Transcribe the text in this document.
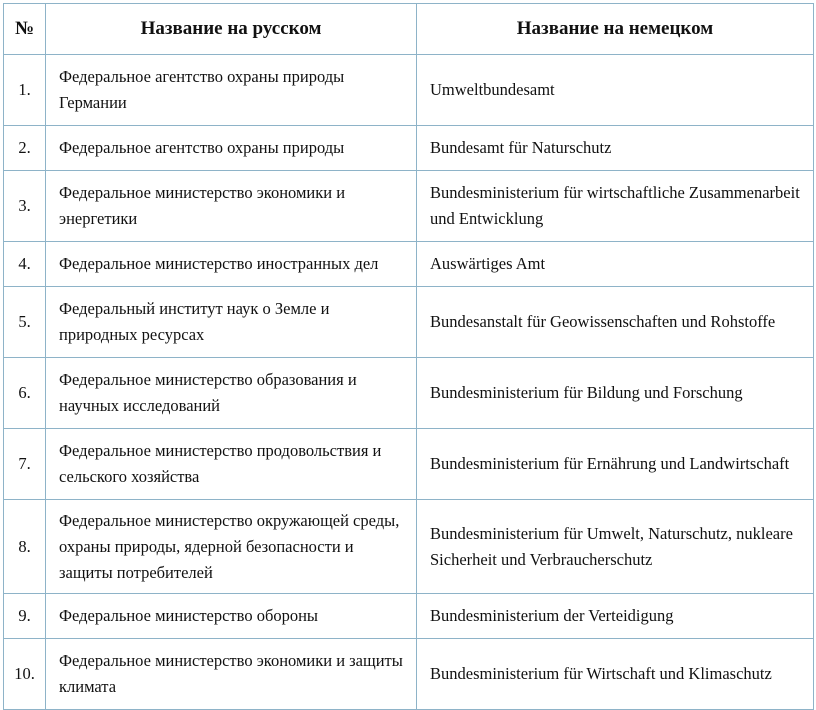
№	Название на русском	Название на немецком
1.	Федеральное агентство охраны природы Германии	Umweltbundesamt
2.	Федеральное агентство охраны природы	Bundesamt für Naturschutz
3.	Федеральное министерство экономики и энергетики	Bundesministerium für wirtschaftliche Zusammenarbeit und Entwicklung
4.	Федеральное министерство иностранных дел	Auswärtiges Amt
5.	Федеральный институт наук о Земле и природных ресурсах	Bundesanstalt für Geowissenschaften und Rohstoffe
6.	Федеральное министерство образования и научных исследований	Bundesministerium für Bildung und Forschung
7.	Федеральное министерство продовольствия и сельского хозяйства	Bundesministerium für Ernährung und Landwirtschaft
8.	Федеральное министерство окружающей среды, охраны природы, ядерной безопасности и защиты потребителей	Bundesministerium für Umwelt, Naturschutz, nukleare Sicherheit und Verbraucherschutz
9.	Федеральное министерство обороны	Bundesministerium der Verteidigung
10.	Федеральное министерство экономики и защиты климата	Bundesministerium für Wirtschaft und Klimaschutz
